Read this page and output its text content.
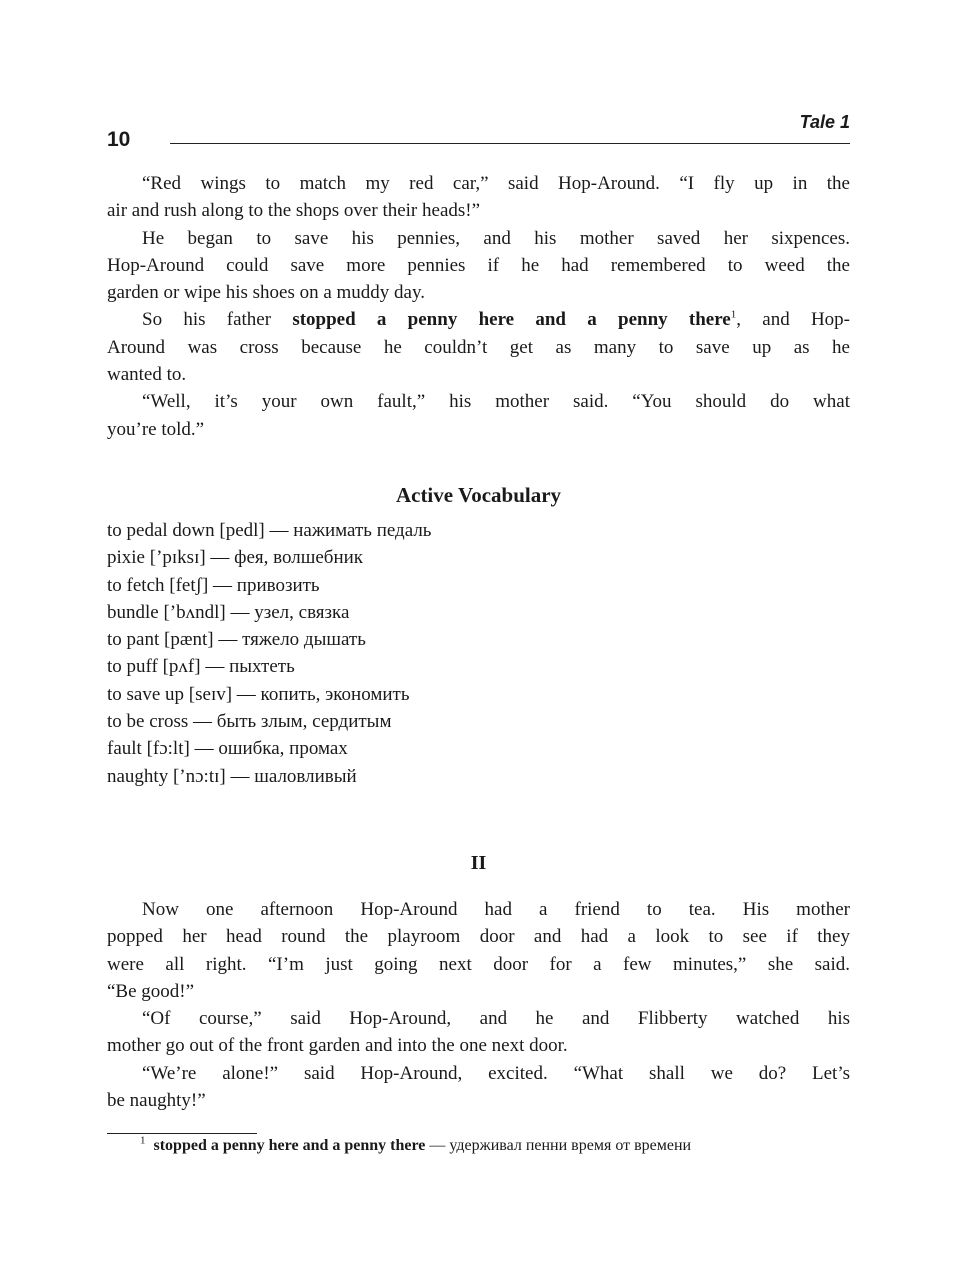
10
Tale 1
“Red wings to match my red car,” said Hop-Around. “I fly up in the
air and rush along to the shops over their heads!”
He began to save his pennies, and his mother saved her sixpences.
Hop-Around could save more pennies if he had remembered to weed the
garden or wipe his shoes on a muddy day.
So his father stopped a penny here and a penny there$^1$, and Hop-
Around was cross because he couldn’t get as many to save up as he
wanted to.
“Well, it’s your own fault,” his mother said. “You should do what
you’re told.”
Active Vocabulary
to pedal down [pedl] — нажимать педаль
pixie [’pɪksɪ] — фея, волшебник
to fetch [fetʃ] — привозить
bundle [’bʌndl] — узел, связка
to pant [pænt] — тяжело дышать
to puff [pʌf] — пыхтеть
to save up [seɪv] — копить, экономить
to be cross — быть злым, сердитым
fault [fɔ:lt] — ошибка, промах
naughty [’nɔ:tɪ] — шаловливый
II
Now one afternoon Hop-Around had a friend to tea. His mother
popped her head round the playroom door and had a look to see if they
were all right. “I’m just going next door for a few minutes,” she said.
“Be good!”
“Of course,” said Hop-Around, and he and Flibberty watched his
mother go out of the front garden and into the one next door.
“We’re alone!” said Hop-Around, excited. “What shall we do? Let’s
be naughty!”
$^1$ stopped a penny here and a penny there — удерживал пенни время от времени
